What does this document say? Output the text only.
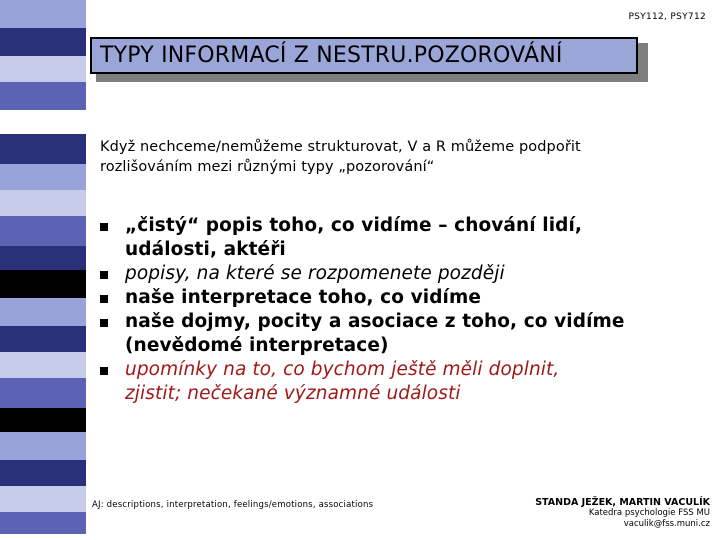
PSY112, PSY712
TYPY INFORMACÍ Z NESTRU.POZOROVÁNÍ
Když nechceme/nemůžeme strukturovat, V a R můžeme podpořit
rozlišováním mezi různými typy „pozorování“
„čistý“ popis toho, co vidíme – chování lidí,
události, aktéři
popisy, na které se rozpomenete později
naše interpretace toho, co vidíme
naše dojmy, pocity a asociace z toho, co vidíme
(nevědomé interpretace)
upomínky na to, co bychom ještě měli doplnit,
zjistit; nečekané významné události
AJ: descriptions, interpretation, feelings/emotions, associations	STANDA JEŽEK, MARTIN VACULÍK
Katedra psychologie FSS MU
vaculik@fss.muni.cz
